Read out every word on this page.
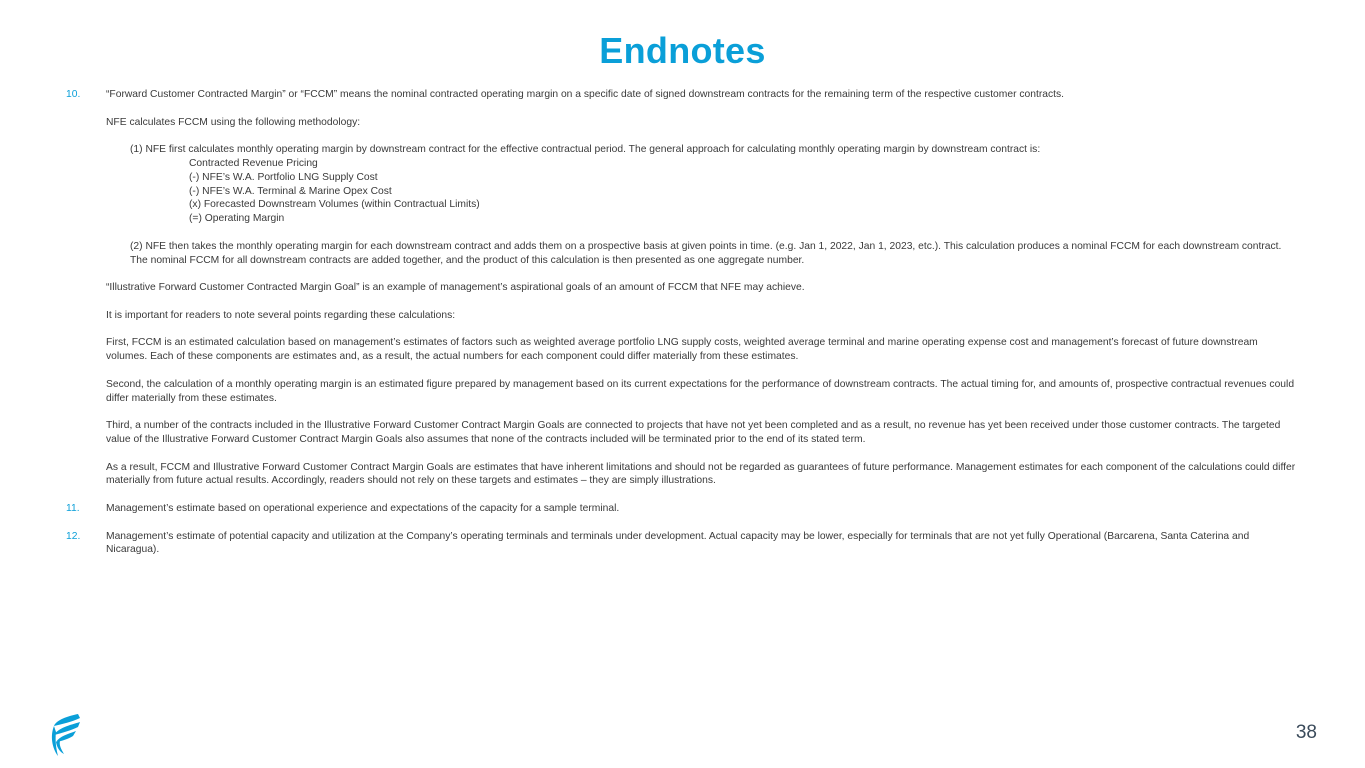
Endnotes
10. “Forward Customer Contracted Margin” or “FCCM” means the nominal contracted operating margin on a specific date of signed downstream contracts for the remaining term of the respective customer contracts.
NFE calculates FCCM using the following methodology:
(1) NFE first calculates monthly operating margin by downstream contract for the effective contractual period. The general approach for calculating monthly operating margin by downstream contract is:
Contracted Revenue Pricing
(-) NFE’s W.A. Portfolio LNG Supply Cost
(-) NFE’s W.A. Terminal & Marine Opex Cost
(x) Forecasted Downstream Volumes (within Contractual Limits)
(=) Operating Margin
(2) NFE then takes the monthly operating margin for each downstream contract and adds them on a prospective basis at given points in time. (e.g. Jan 1, 2022, Jan 1, 2023, etc.). This calculation produces a nominal FCCM for each downstream contract. The nominal FCCM for all downstream contracts are added together, and the product of this calculation is then presented as one aggregate number.
“Illustrative Forward Customer Contracted Margin Goal” is an example of management’s aspirational goals of an amount of FCCM that NFE may achieve.
It is important for readers to note several points regarding these calculations:
First, FCCM is an estimated calculation based on management’s estimates of factors such as weighted average portfolio LNG supply costs, weighted average terminal and marine operating expense cost and management’s forecast of future downstream volumes. Each of these components are estimates and, as a result, the actual numbers for each component could differ materially from these estimates.
Second, the calculation of a monthly operating margin is an estimated figure prepared by management based on its current expectations for the performance of downstream contracts. The actual timing for, and amounts of, prospective contractual revenues could differ materially from these estimates.
Third, a number of the contracts included in the Illustrative Forward Customer Contract Margin Goals are connected to projects that have not yet been completed and as a result, no revenue has yet been received under those customer contracts. The targeted value of the Illustrative Forward Customer Contract Margin Goals also assumes that none of the contracts included will be terminated prior to the end of its stated term.
As a result, FCCM and Illustrative Forward Customer Contract Margin Goals are estimates that have inherent limitations and should not be regarded as guarantees of future performance. Management estimates for each component of the calculations could differ materially from future actual results. Accordingly, readers should not rely on these targets and estimates – they are simply illustrations.
11.	Management’s estimate based on operational experience and expectations of the capacity for a sample terminal.
12. Management’s estimate of potential capacity and utilization at the Company’s operating terminals and terminals under development. Actual capacity may be lower, especially for terminals that are not yet fully Operational (Barcarena, Santa Caterina and Nicaragua).
38
